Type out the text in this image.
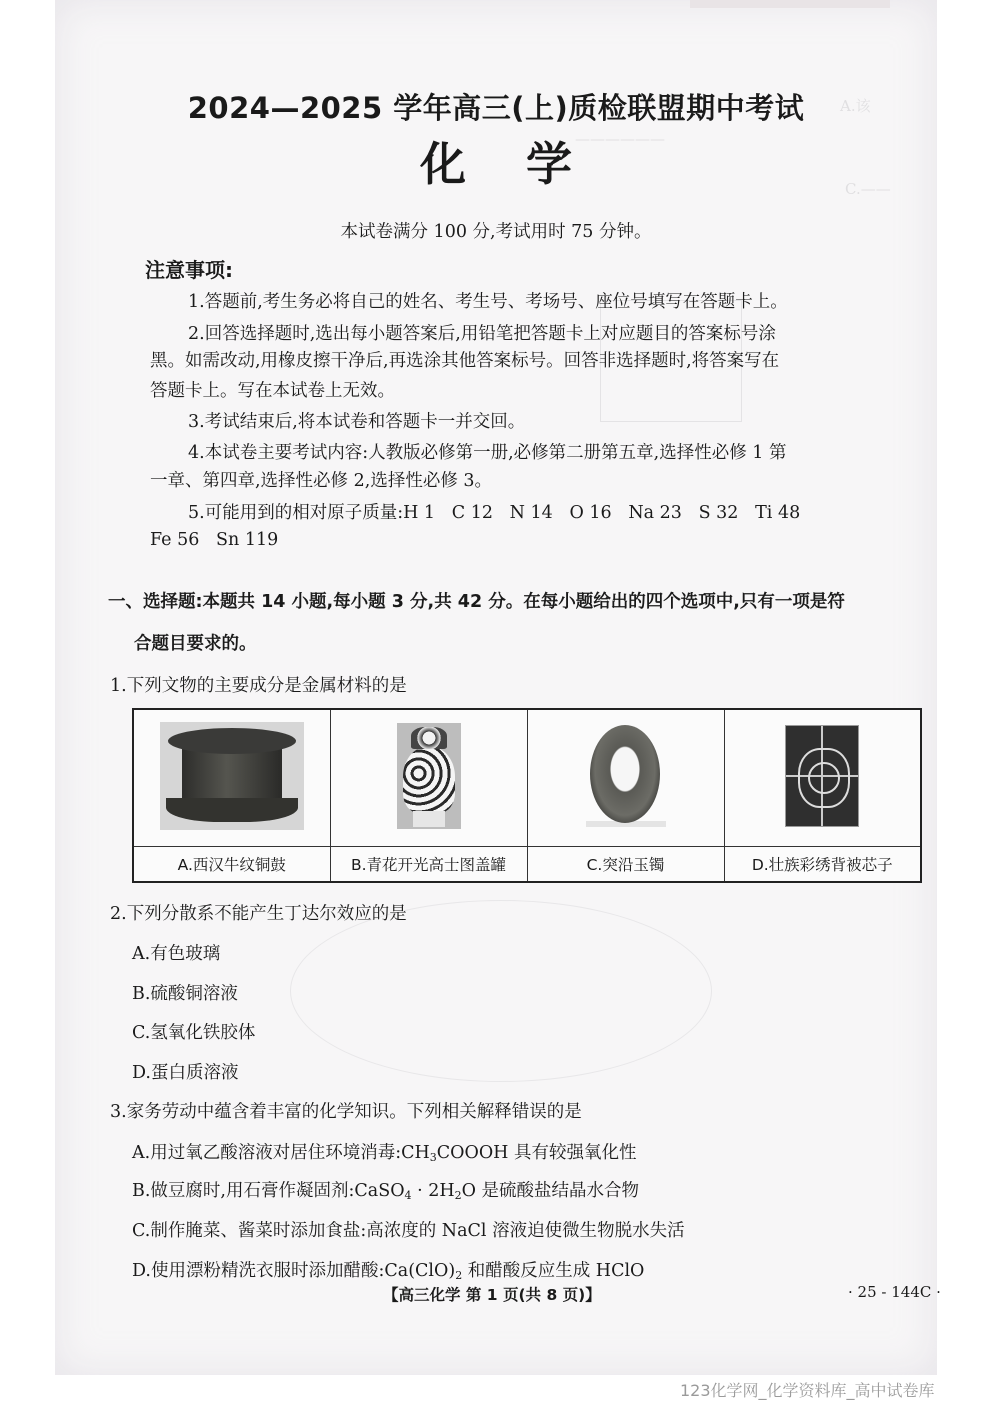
A.该
——————
C.——
2024—2025 学年高三(上)质检联盟期中考试
化 学
本试卷满分 100 分,考试用时 75 分钟。
注意事项:
1.答题前,考生务必将自己的姓名、考生号、考场号、座位号填写在答题卡上。
2.回答选择题时,选出每小题答案后,用铅笔把答题卡上对应题目的答案标号涂
黑。如需改动,用橡皮擦干净后,再选涂其他答案标号。回答非选择题时,将答案写在
答题卡上。写在本试卷上无效。
3.考试结束后,将本试卷和答题卡一并交回。
4.本试卷主要考试内容:人教版必修第一册,必修第二册第五章,选择性必修 1 第
一章、第四章,选择性必修 2,选择性必修 3。
5.可能用到的相对原子质量:H 1   C 12   N 14   O 16   Na 23   S 32   Ti 48
Fe 56   Sn 119
一、选择题:本题共 14 小题,每小题 3 分,共 42 分。在每小题给出的四个选项中,只有一项是符
合题目要求的。
1.下列文物的主要成分是金属材料的是

A.西汉牛纹铜鼓	B.青花开光高士图盖罐	C.突沿玉镯	D.壮族彩绣背被芯子
2.下列分散系不能产生丁达尔效应的是
A.有色玻璃
B.硫酸铜溶液
C.氢氧化铁胶体
D.蛋白质溶液
3.家务劳动中蕴含着丰富的化学知识。下列相关解释错误的是
A.用过氧乙酸溶液对居住环境消毒$:CH_3COOOH$ 具有较强氧化性
B.做豆腐时,用石膏作凝固剂:CaSO$_4$ · $2H_2O$ 是硫酸盐结晶水合物
C.制作腌菜、酱菜时添加食盐:高浓度的 NaCl 溶液迫使微生物脱水失活
D.使用漂粉精洗衣服时添加醋酸$:Ca(ClO)_2$ 和醋酸反应生成 HClO
【高三化学 第 1 页(共 8 页)】	· 25 - 144C ·
123化学网_化学资料库_高中试卷库
